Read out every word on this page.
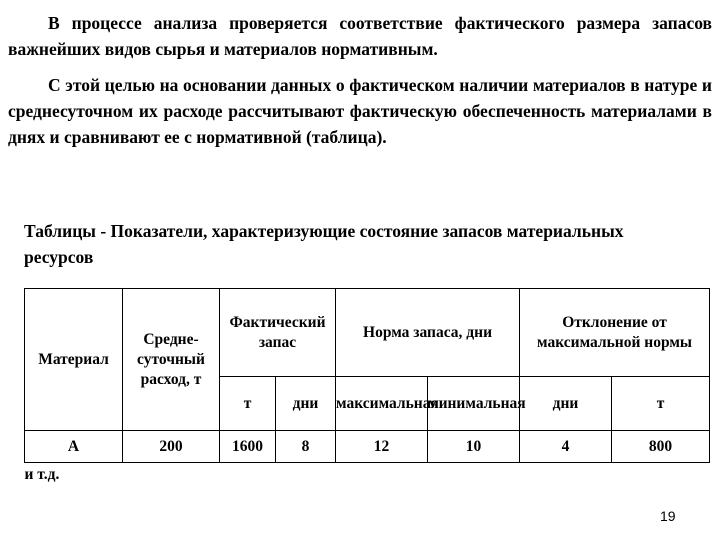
В процессе анализа проверяется соответствие фактического размера запасов важнейших видов сырья и материалов нормативным.
С этой целью на основании данных о фактическом наличии материалов в натуре и среднесуточном их расходе рассчитывают фактическую обеспеченность материалами в днях и сравнивают ее с нормативной (таблица).
Таблицы - Показатели, характеризующие состояние запасов материальных ресурсов
Материал	Средне-суточный расход, т	Фактический запас		Норма запаса, дни		Отклонение от максимальной нормы	
		т	дни	максимальная	минимальная	дни	т
А	200	1600	8	12	10	4	800
и т.д.							
19
